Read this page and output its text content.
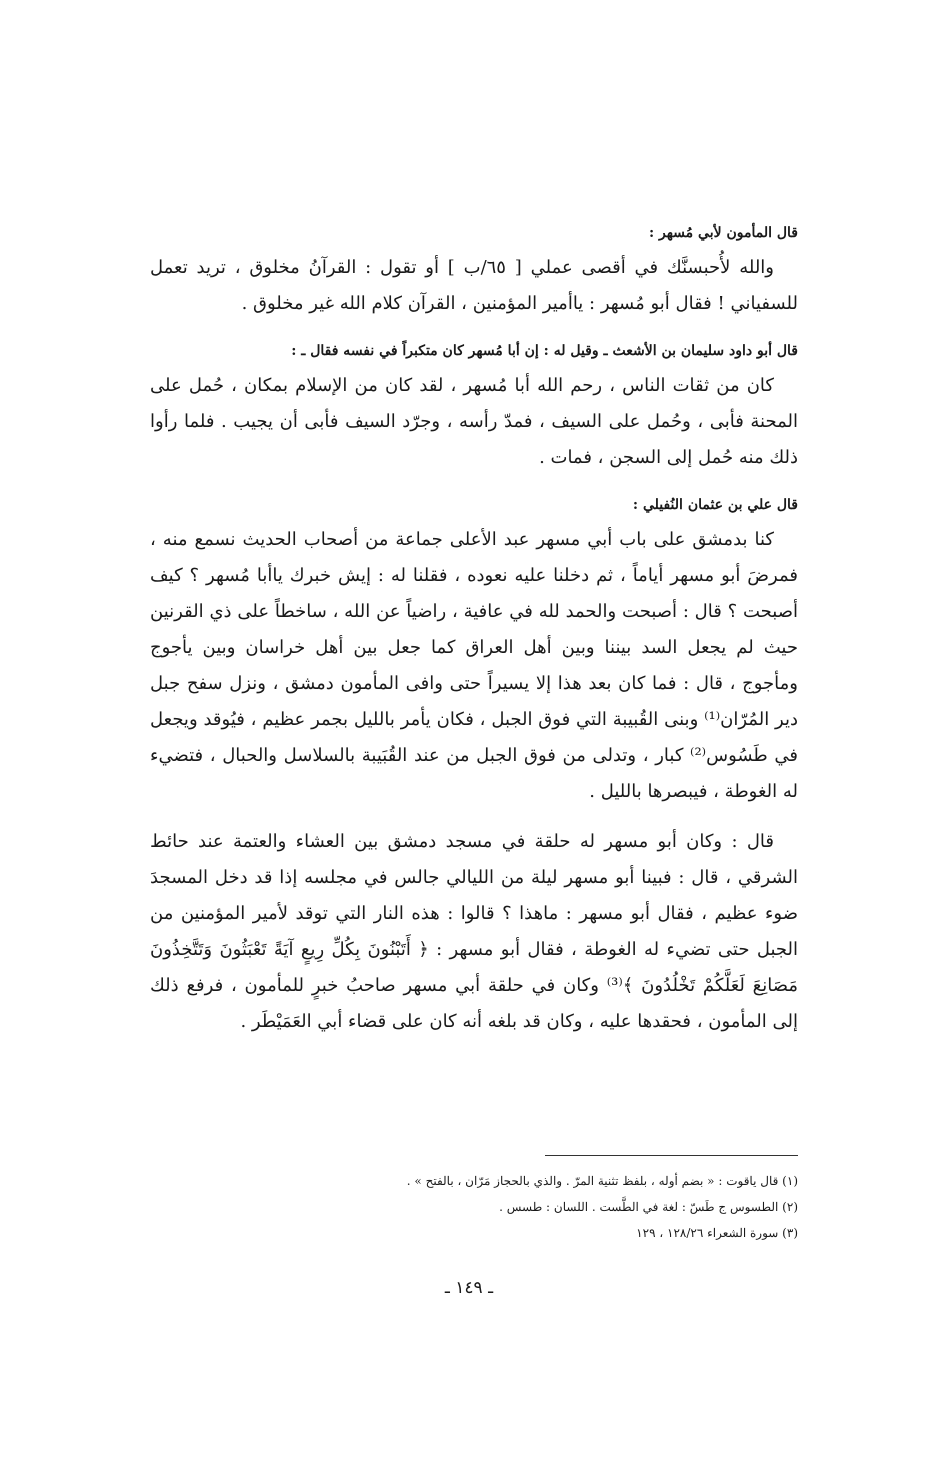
قال المأمون لأبي مُسهر :

والله لأُحبسنَّك في أقصى عملي [ ٦٥/ب ] أو تقول : القرآنُ مخلوق ، تريد تعمل للسفياني ! فقال أبو مُسهر : ياأمير المؤمنين ، القرآن كلام الله غير مخلوق .

قال أبو داود سليمان بن الأشعث ـ وقيل له : إن أبا مُسهر كان متكبراً في نفسه فقال ـ :

كان من ثقات الناس ، رحم الله أبا مُسهر ، لقد كان من الإسلام بمكان ، حُمل على المحنة فأبى ، وحُمل على السيف ، فمدّ رأسه ، وجرّد السيف فأبى أن يجيب . فلما رأوا ذلك منه حُمل إلى السجن ، فمات .

قال علي بن عثمان النُفيلي :

كنا بدمشق على باب أبي مسهر عبد الأعلى جماعة من أصحاب الحديث نسمع منه ، فمرضَ أبو مسهر أياماً ، ثم دخلنا عليه نعوده ، فقلنا له : إيش خبرك ياأبا مُسهر ؟ كيف أصبحت ؟ قال : أصبحت والحمد لله في عافية ، راضياً عن الله ، ساخطاً على ذي القرنين حيث لم يجعل السد بيننا وبين أهل العراق كما جعل بين أهل خراسان وبين يأجوج ومأجوج ، قال : فما كان بعد هذا إلا يسيراً حتى وافى المأمون دمشق ، ونزل سفح جبل دير المُرّان⁽¹⁾ وبنى القُبيبة التي فوق الجبل ، فكان يأمر بالليل بجمر عظيم ، فيُوقد ويجعل في طَسُوس⁽²⁾ كبار ، وتدلى من فوق الجبل من عند القُبَيبة بالسلاسل والحبال ، فتضيء له الغوطة ، فيبصرها بالليل .

قال : وكان أبو مسهر له حلقة في مسجد دمشق بين العشاء والعتمة عند حائط الشرقي ، قال : فبينا أبو مسهر ليلة من الليالي جالس في مجلسه إذا قد دخل المسجدَ ضوء عظيم ، فقال أبو مسهر : ماهذا ؟ قالوا : هذه النار التي توقد لأمير المؤمنين من الجبل حتى تضيء له الغوطة ، فقال أبو مسهر : ﴿ أَتَبْنُونَ بِكُلِّ رِيعٍ آيَةً تَعْبَثُونَ وَتَتَّخِذُونَ مَصَانِعَ لَعَلَّكُمْ تَخْلُدُونَ ﴾⁽³⁾ وكان في حلقة أبي مسهر صاحبُ خبرٍ للمأمون ، فرفع ذلك إلى المأمون ، فحقدها عليه ، وكان قد بلغه أنه كان على قضاء أبي العَمَيْطَر .

(١) قال ياقوت : « بضم أوله ، بلفظ تثنية المرّ . والذي بالحجاز مَرّان ، بالفتح » .

(٢) الطسوس ج طَسّ : لغة في الطَّست . اللسان : طسس .

(٣) سورة الشعراء ١٢٨/٢٦ ، ١٢٩

ـ ١٤٩ ـ
